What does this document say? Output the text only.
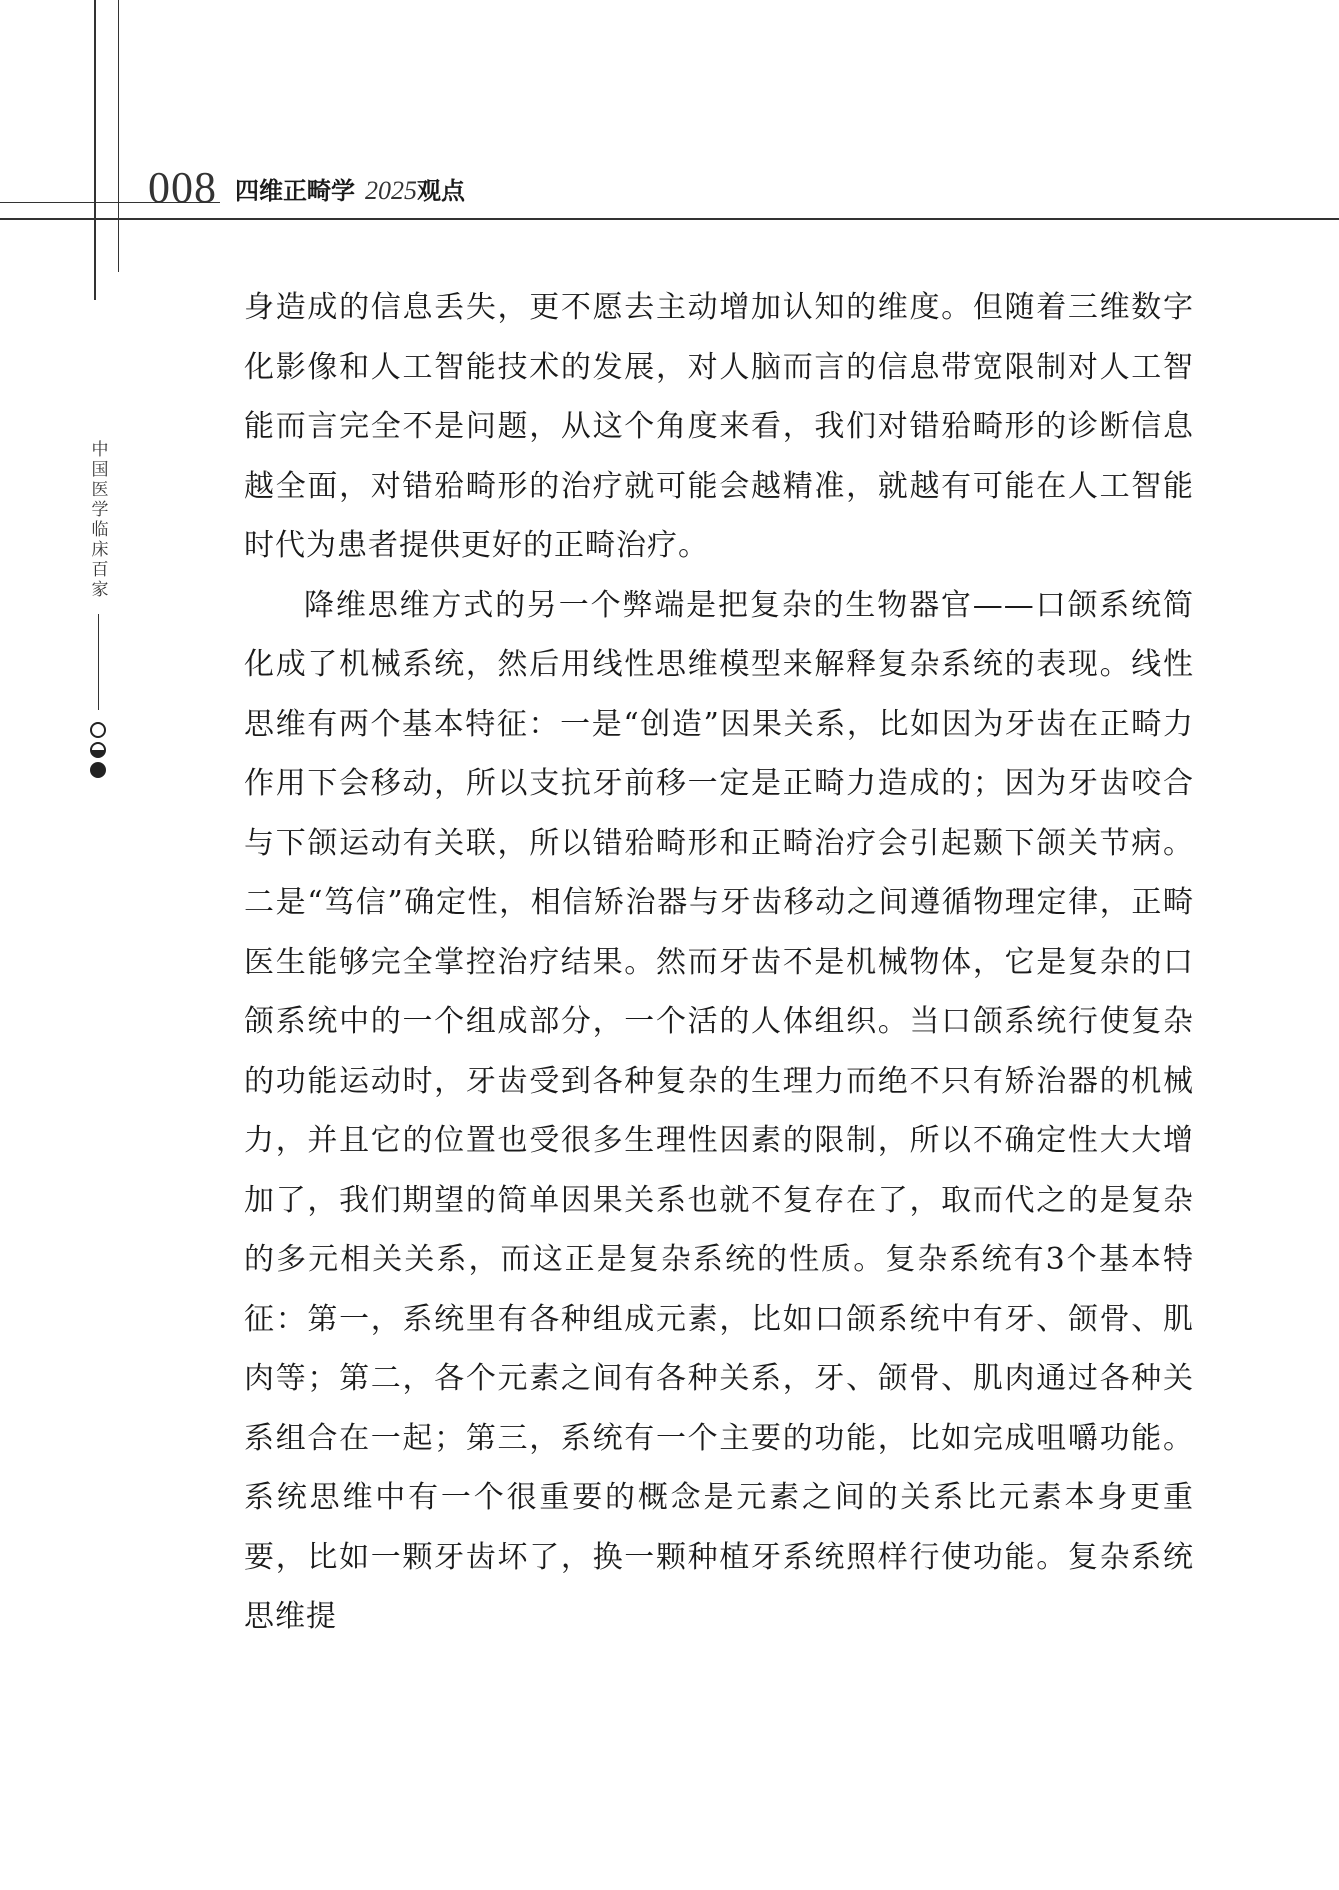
008 四维正畸学 2025 观点
中国医学临床百家

身造成的信息丢失，更不愿去主动增加认知的维度。但随着三维数字化影像和人工智能技术的发展，对人脑而言的信息带宽限制对人工智能而言完全不是问题，从这个角度来看，我们对错𬌗畸形的诊断信息越全面，对错𬌗畸形的治疗就可能会越精准，就越有可能在人工智能时代为患者提供更好的正畸治疗。

降维思维方式的另一个弊端是把复杂的生物器官——口颌系统简化成了机械系统，然后用线性思维模型来解释复杂系统的表现。线性思维有两个基本特征：一是“创造”因果关系，比如因为牙齿在正畸力作用下会移动，所以支抗牙前移一定是正畸力造成的；因为牙齿咬合与下颌运动有关联，所以错𬌗畸形和正畸治疗会引起颞下颌关节病。二是“笃信”确定性，相信矫治器与牙齿移动之间遵循物理定律，正畸医生能够完全掌控治疗结果。然而牙齿不是机械物体，它是复杂的口颌系统中的一个组成部分，一个活的人体组织。当口颌系统行使复杂的功能运动时，牙齿受到各种复杂的生理力而绝不只有矫治器的机械力，并且它的位置也受很多生理性因素的限制，所以不确定性大大增加了，我们期望的简单因果关系也就不复存在了，取而代之的是复杂的多元相关关系，而这正是复杂系统的性质。复杂系统有3个基本特征：第一，系统里有各种组成元素，比如口颌系统中有牙、颌骨、肌肉等；第二，各个元素之间有各种关系，牙、颌骨、肌肉通过各种关系组合在一起；第三，系统有一个主要的功能，比如完成咀嚼功能。系统思维中有一个很重要的概念是元素之间的关系比元素本身更重要，比如一颗牙齿坏了，换一颗种植牙系统照样行使功能。复杂系统思维提
